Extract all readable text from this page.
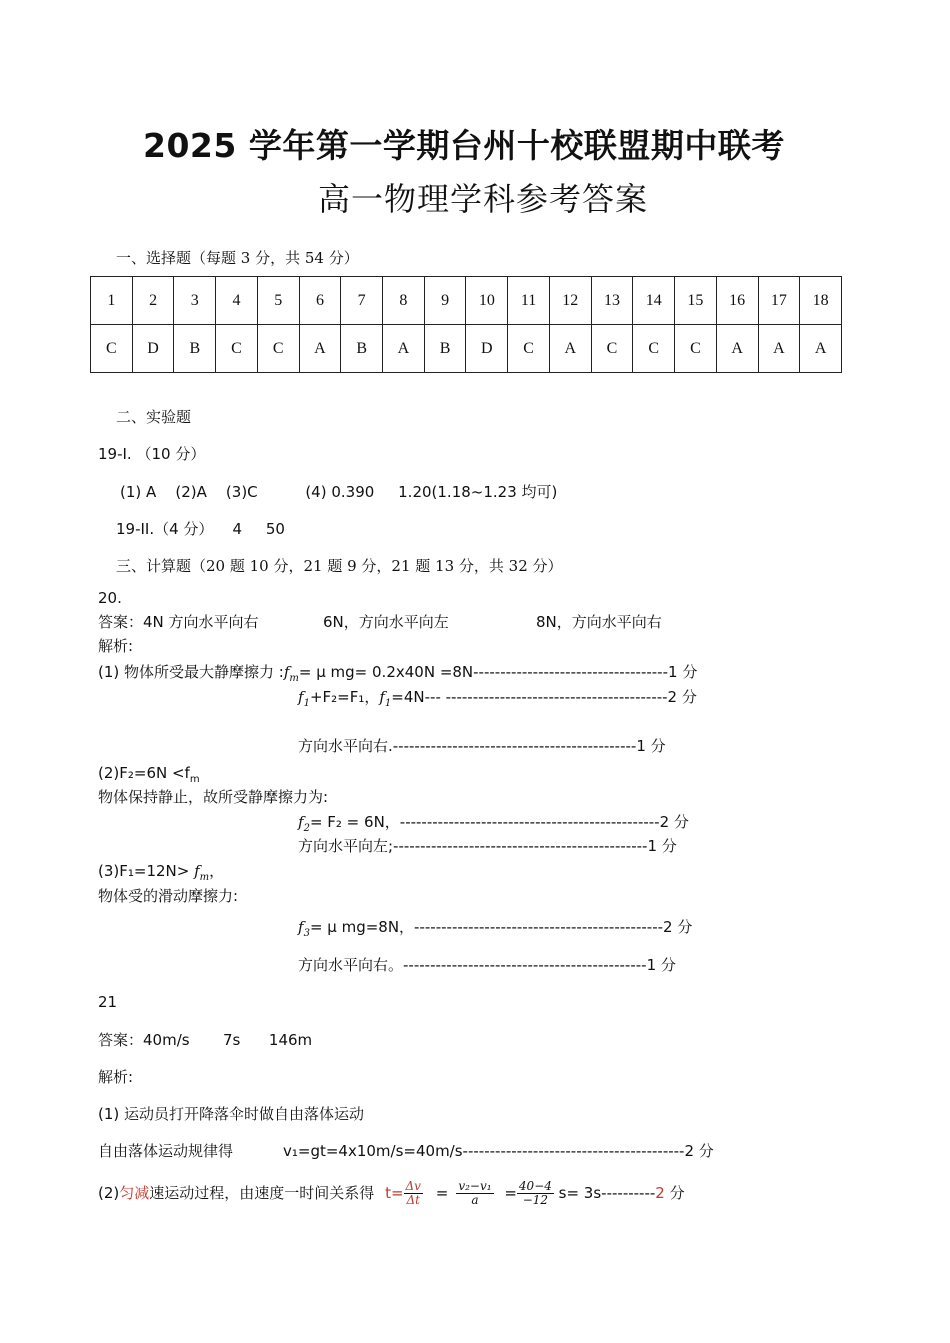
2025 学年第一学期台州十校联盟期中联考
高一物理学科参考答案
一、选择题（每题 3 分，共 54 分）
1	2	3	4	5	6	7	8	9	10	11	12	13	14	15	16	17	18
C	D	B	C	C	A	B	A	B	D	C	A	C	C	C	A	A	A
二、实验题
19-I. （10 分）
(1) A    (2)A    (3)C          (4) 0.390     1.20(1.18~1.23 均可)
19-II.（4 分）    4     50
三、计算题（20 题 10 分，21 题 9 分，21 题 13 分，共 32 分）
20.
答案：4N 方向水平向右	6N，方向水平向左	8N，方向水平向右
解析:
(1) 物体所受最大静摩擦力 $:f_m= \mu$ mg= 0.2x40N =8N------------------------------------1 分
$f_1+F_2=F_1$，$f_1=4N---$ -----------------------------------------2 分
方向水平向右.---------------------------------------------1 分
$(2)F_2=6N <f_m$
物体保持静止，故所受静摩擦力为:
$f_2= F_2 = 6N$，------------------------------------------------2 分
方向水平向左;-----------------------------------------------1 分
$(3)F_1=12N> f_m$，
物体受的滑动摩擦力:
$f_3= \mu$ mg=8N，----------------------------------------------2 分
方向水平向右。---------------------------------------------1 分
21
答案：40m/s       7s      146m
解析:
(1) 运动员打开降落伞时做自由落体运动
自由落体运动规律得	v₁=gt=4x10m/s=40m/s-----------------------------------------2 分
(2)匀减速运动过程，由速度一时间关系得 $t= \frac{\Delta v}{\Delta t} = \frac{\text{v₂−v₁}}{a} = \frac{40-4}{-12} s= 3s----------2$ 分
